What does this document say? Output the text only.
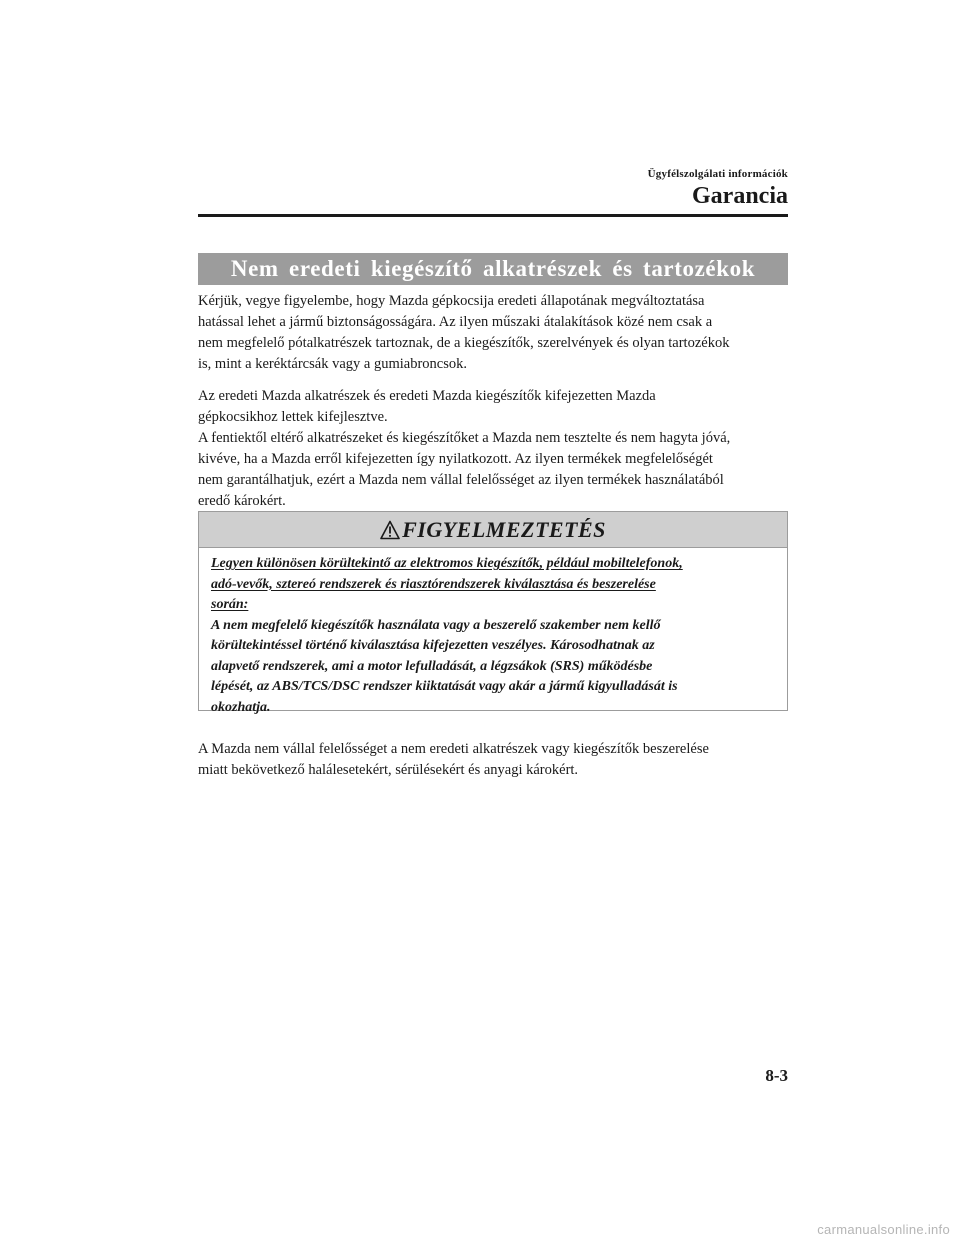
Ügyfélszolgálati információk
Garancia
Nem eredeti kiegészítő alkatrészek és tartozékok
Kérjük, vegye figyelembe, hogy Mazda gépkocsija eredeti állapotának megváltoztatása
hatással lehet a jármű biztonságosságára. Az ilyen műszaki átalakítások közé nem csak a
nem megfelelő pótalkatrészek tartoznak, de a kiegészítők, szerelvények és olyan tartozékok
is, mint a keréktárcsák vagy a gumiabroncsok.
Az eredeti Mazda alkatrészek és eredeti Mazda kiegészítők kifejezetten Mazda
gépkocsikhoz lettek kifejlesztve.
A fentiektől eltérő alkatrészeket és kiegészítőket a Mazda nem tesztelte és nem hagyta jóvá,
kivéve, ha a Mazda erről kifejezetten így nyilatkozott. Az ilyen termékek megfelelőségét
nem garantálhatjuk, ezért a Mazda nem vállal felelősséget az ilyen termékek használatából
eredő károkért.
FIGYELMEZTETÉS
Legyen különösen körültekintő az elektromos kiegészítők, például mobiltelefonok,
adó-vevők, sztereó rendszerek és riasztórendszerek kiválasztása és beszerelése
során:
A nem megfelelő kiegészítők használata vagy a beszerelő szakember nem kellő
körültekintéssel történő kiválasztása kifejezetten veszélyes. Károsodhatnak az
alapvető rendszerek, ami a motor lefulladását, a légzsákok (SRS) működésbe
lépését, az ABS/TCS/DSC rendszer kiiktatását vagy akár a jármű kigyulladását is
okozhatja.
A Mazda nem vállal felelősséget a nem eredeti alkatrészek vagy kiegészítők beszerelése
miatt bekövetkező halálesetekért, sérülésekért és anyagi károkért.
8-3
carmanualsonline.info
